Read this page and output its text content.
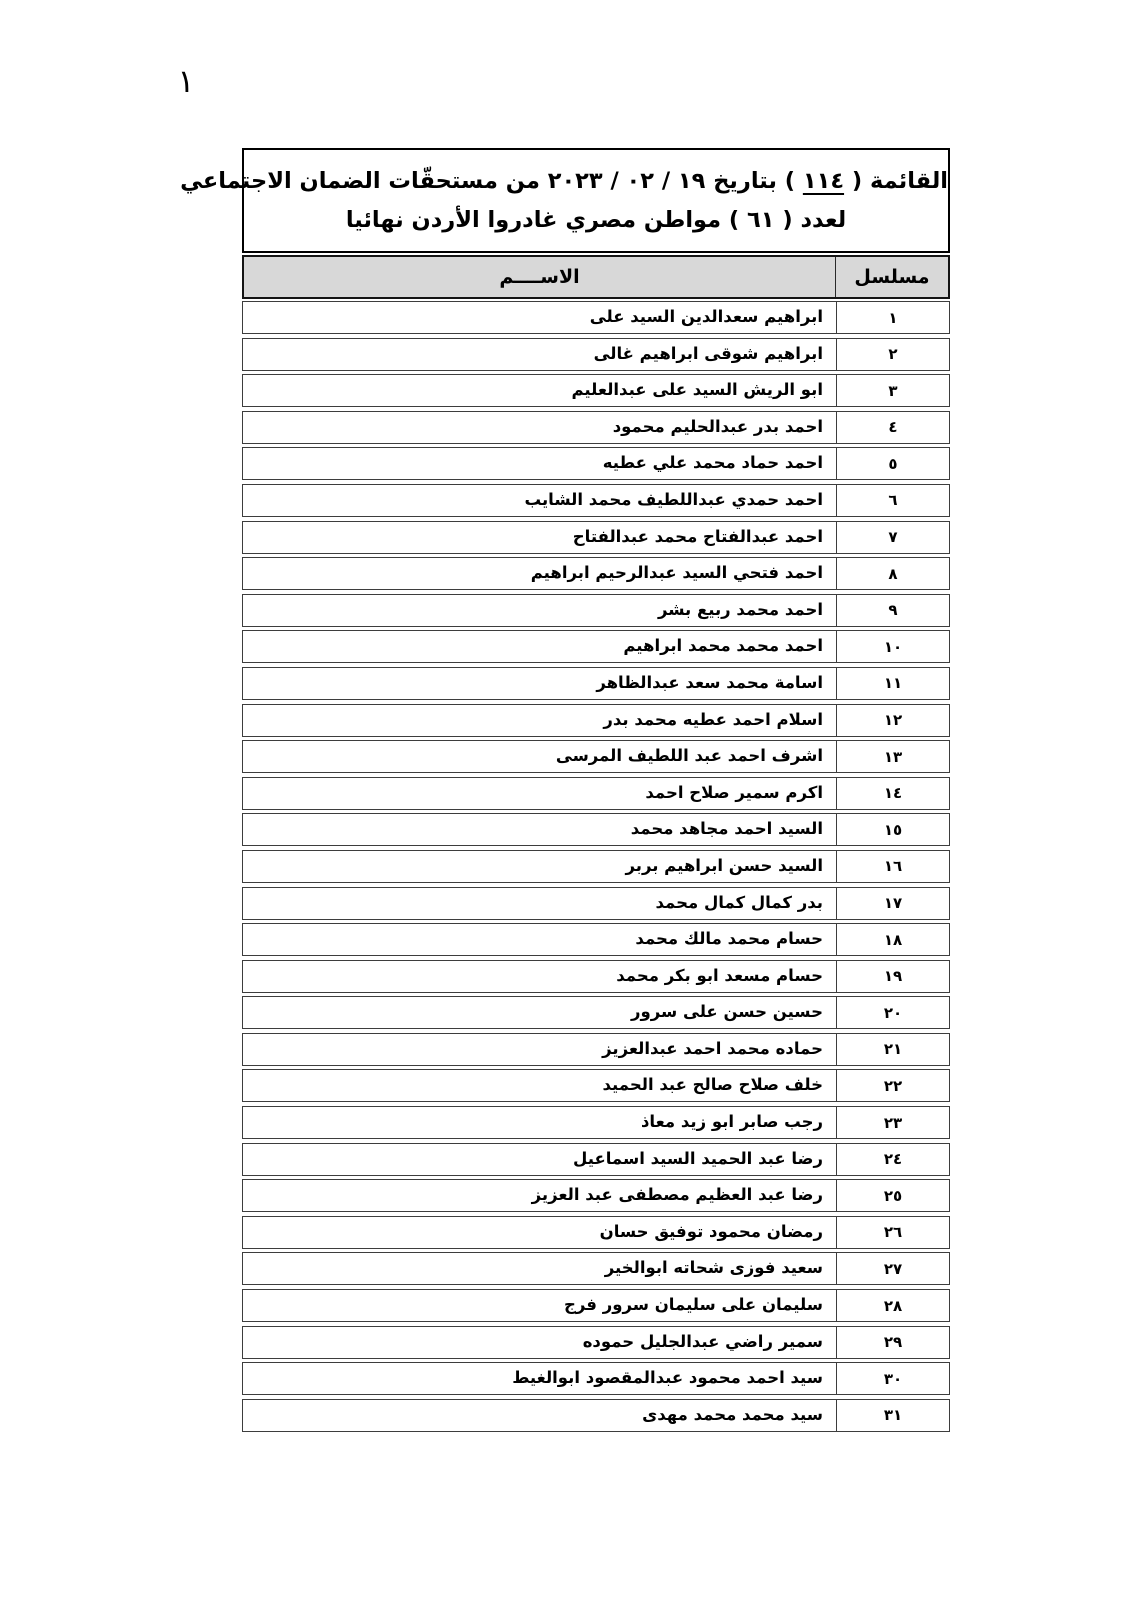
١
القائمة ( ١١٤ ) بتاريخ ١٩ / ٠٢ / ٢٠٢٣ من مستحقّات الضمان الاجتماعي
لعدد ( ٦١ ) مواطن مصري غادروا الأردن نهائيا
مسلسل
الاســــم
١
ابراهيم سعدالدين السيد على
٢
ابراهيم شوقى ابراهيم غالى
٣
ابو الريش السيد على عبدالعليم
٤
احمد بدر عبدالحليم محمود
٥
احمد حماد محمد علي عطيه
٦
احمد حمدي عبداللطيف محمد الشايب
٧
احمد عبدالفتاح محمد عبدالفتاح
٨
احمد فتحي السيد عبدالرحيم ابراهيم
٩
احمد محمد ربيع بشر
١٠
احمد محمد محمد ابراهيم
١١
اسامة محمد سعد عبدالظاهر
١٢
اسلام احمد عطيه محمد بدر
١٣
اشرف احمد عبد اللطيف المرسى
١٤
اكرم سمير صلاح احمد
١٥
السيد احمد مجاهد محمد
١٦
السيد حسن ابراهيم بربر
١٧
بدر كمال كمال محمد
١٨
حسام محمد مالك محمد
١٩
حسام مسعد ابو بكر محمد
٢٠
حسين حسن على سرور
٢١
حماده محمد احمد عبدالعزيز
٢٢
خلف صلاح صالح عبد الحميد
٢٣
رجب صابر ابو زيد معاذ
٢٤
رضا عبد الحميد السيد اسماعيل
٢٥
رضا عبد العظيم مصطفى عبد العزيز
٢٦
رمضان محمود توفيق حسان
٢٧
سعيد فوزى شحاته ابوالخير
٢٨
سليمان على سليمان سرور فرج
٢٩
سمير راضي عبدالجليل حموده
٣٠
سيد احمد محمود عبدالمقصود ابوالغيط
٣١
سيد محمد محمد مهدى
